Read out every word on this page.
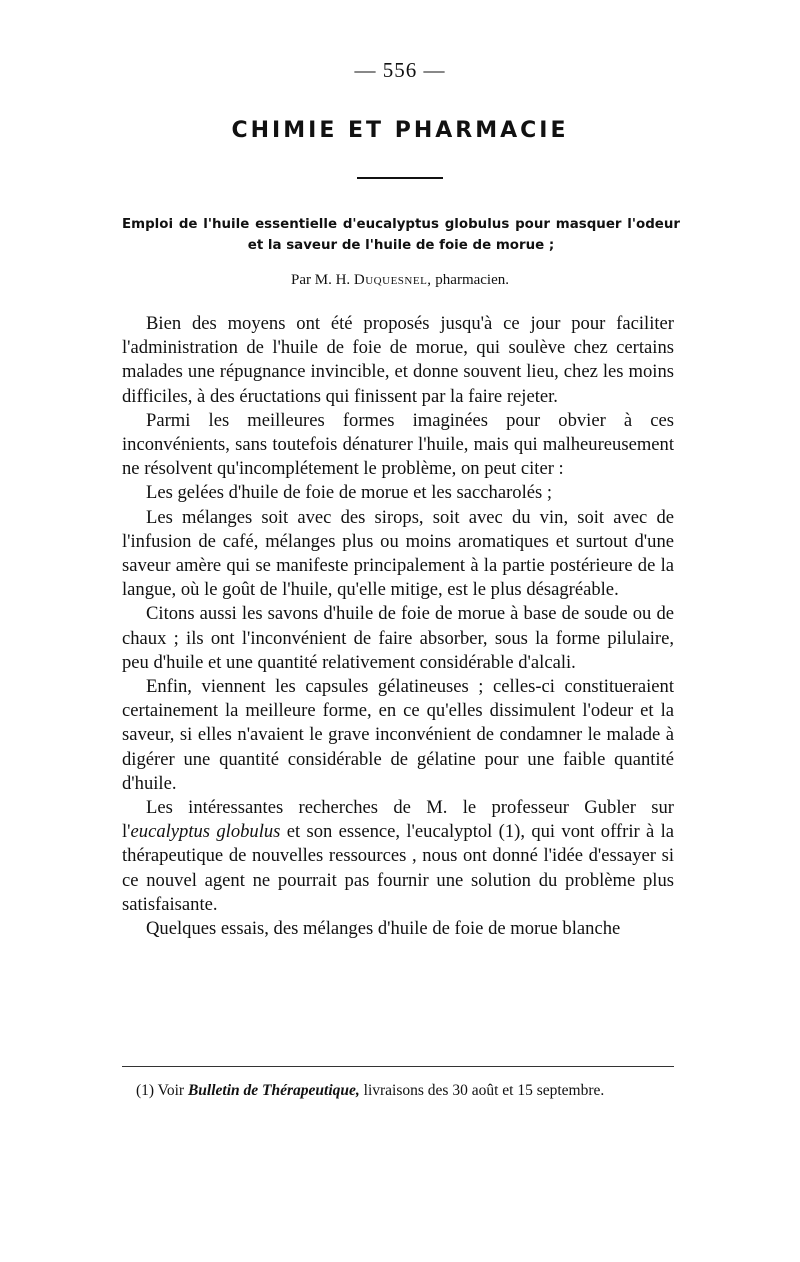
— 556 —
CHIMIE ET PHARMACIE
Emploi de l'huile essentielle d'eucalyptus globulus pour masquer l'odeur et la saveur de l'huile de foie de morue ;
Par M. H. Duquesnel, pharmacien.

Bien des moyens ont été proposés jusqu'à ce jour pour faciliter l'administration de l'huile de foie de morue, qui soulève chez certains malades une répugnance invincible, et donne souvent lieu, chez les moins difficiles, à des éructations qui finissent par la faire rejeter.

Parmi les meilleures formes imaginées pour obvier à ces inconvénients, sans toutefois dénaturer l'huile, mais qui malheureusement ne résolvent qu'incomplétement le problème, on peut citer :

Les gelées d'huile de foie de morue et les saccharolés ;

Les mélanges soit avec des sirops, soit avec du vin, soit avec de l'infusion de café, mélanges plus ou moins aromatiques et surtout d'une saveur amère qui se manifeste principalement à la partie postérieure de la langue, où le goût de l'huile, qu'elle mitige, est le plus désagréable.

Citons aussi les savons d'huile de foie de morue à base de soude ou de chaux ; ils ont l'inconvénient de faire absorber, sous la forme pilulaire, peu d'huile et une quantité relativement considérable d'alcali.

Enfin, viennent les capsules gélatineuses ; celles-ci constitueraient certainement la meilleure forme, en ce qu'elles dissimulent l'odeur et la saveur, si elles n'avaient le grave inconvénient de condamner le malade à digérer une quantité considérable de gélatine pour une faible quantité d'huile.

Les intéressantes recherches de M. le professeur Gubler sur l'eucalyptus globulus et son essence, l'eucalyptol (1), qui vont offrir à la thérapeutique de nouvelles ressources , nous ont donné l'idée d'essayer si ce nouvel agent ne pourrait pas fournir une solution du problème plus satisfaisante.

Quelques essais, des mélanges d'huile de foie de morue blanche

(1) Voir Bulletin de Thérapeutique, livraisons des 30 août et 15 septembre.
